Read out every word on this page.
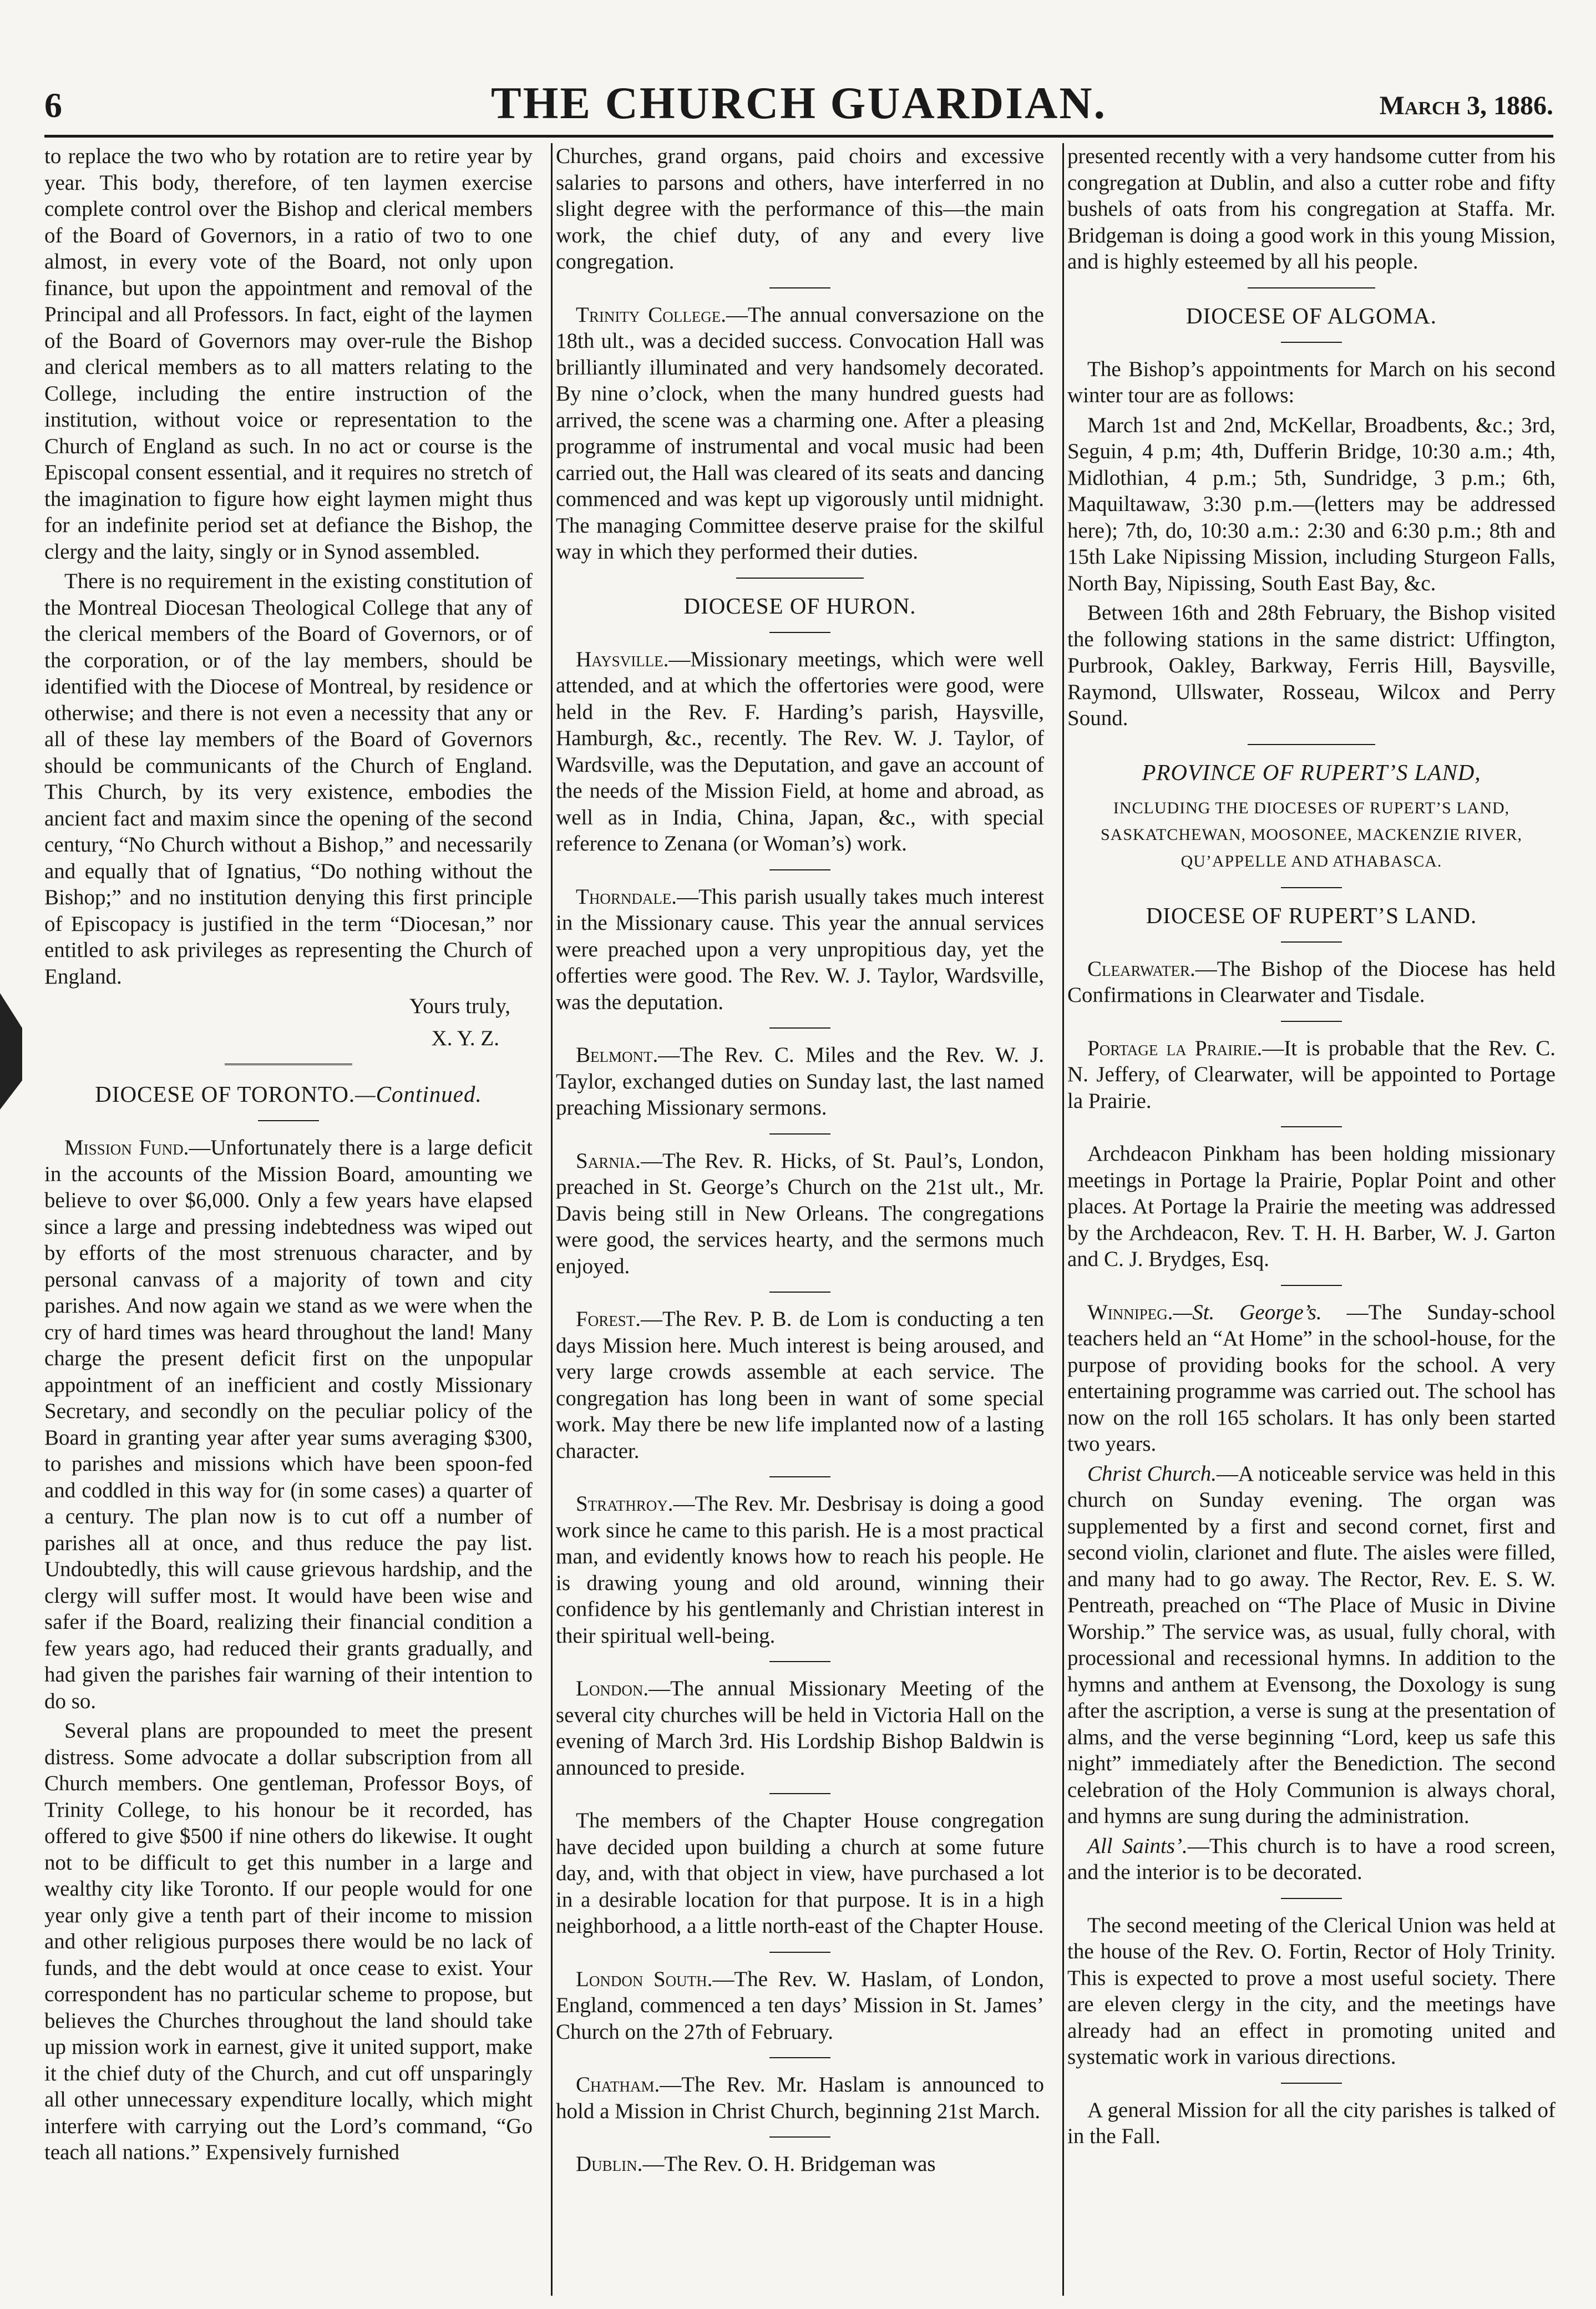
6	THE CHURCH GUARDIAN.	March 3, 1886.

to replace the two who by rotation are to retire year by year. This body, therefore, of ten laymen exercise complete control over the Bishop and clerical members of the Board of Governors, in a ratio of two to one almost, in every vote of the Board, not only upon finance, but upon the appointment and removal of the Principal and all Professors. In fact, eight of the laymen of the Board of Governors may over-rule the Bishop and clerical members as to all matters relating to the College, including the entire instruction of the institution, without voice or representation to the Church of England as such. In no act or course is the Episcopal consent essential, and it requires no stretch of the imagination to figure how eight laymen might thus for an indefinite period set at defiance the Bishop, the clergy and the laity, singly or in Synod assembled.

There is no requirement in the existing constitution of the Montreal Diocesan Theological College that any of the clerical members of the Board of Governors, or of the corporation, or of the lay members, should be identified with the Diocese of Montreal, by residence or otherwise; and there is not even a necessity that any or all of these lay members of the Board of Governors should be communicants of the Church of England. This Church, by its very existence, embodies the ancient fact and maxim since the opening of the second century, “No Church without a Bishop,” and necessarily and equally that of Ignatius, “Do nothing without the Bishop;” and no institution denying this first principle of Episcopacy is justified in the term “Diocesan,” nor entitled to ask privileges as representing the Church of England.

Yours truly,

X. Y. Z.

DIOCESE OF TORONTO.—Continued.

Mission Fund.—Unfortunately there is a large deficit in the accounts of the Mission Board, amounting we believe to over $6,000. Only a few years have elapsed since a large and pressing indebtedness was wiped out by efforts of the most strenuous character, and by personal canvass of a majority of town and city parishes. And now again we stand as we were when the cry of hard times was heard throughout the land! Many charge the present deficit first on the unpopular appointment of an inefficient and costly Missionary Secretary, and secondly on the peculiar policy of the Board in granting year after year sums averaging $300, to parishes and missions which have been spoon-fed and coddled in this way for (in some cases) a quarter of a century. The plan now is to cut off a number of parishes all at once, and thus reduce the pay list. Undoubtedly, this will cause grievous hardship, and the clergy will suffer most. It would have been wise and safer if the Board, realizing their financial condition a few years ago, had reduced their grants gradually, and had given the parishes fair warning of their intention to do so.

Several plans are propounded to meet the present distress. Some advocate a dollar subscription from all Church members. One gentleman, Professor Boys, of Trinity College, to his honour be it recorded, has offered to give $500 if nine others do likewise. It ought not to be difficult to get this number in a large and wealthy city like Toronto. If our people would for one year only give a tenth part of their income to mission and other religious purposes there would be no lack of funds, and the debt would at once cease to exist. Your correspondent has no particular scheme to propose, but believes the Churches throughout the land should take up mission work in earnest, give it united support, make it the chief duty of the Church, and cut off unsparingly all other unnecessary expenditure locally, which might interfere with carrying out the Lord’s command, “Go teach all nations.” Expensively furnished

Churches, grand organs, paid choirs and excessive salaries to parsons and others, have interferred in no slight degree with the performance of this—the main work, the chief duty, of any and every live congregation.

Trinity College.—The annual conversazione on the 18th ult., was a decided success. Convocation Hall was brilliantly illuminated and very handsomely decorated. By nine o’clock, when the many hundred guests had arrived, the scene was a charming one. After a pleasing programme of instrumental and vocal music had been carried out, the Hall was cleared of its seats and dancing commenced and was kept up vigorously until midnight. The managing Committee deserve praise for the skilful way in which they performed their duties.

DIOCESE OF HURON.

Haysville.—Missionary meetings, which were well attended, and at which the offertories were good, were held in the Rev. F. Harding’s parish, Haysville, Hamburgh, &c., recently. The Rev. W. J. Taylor, of Wardsville, was the Deputation, and gave an account of the needs of the Mission Field, at home and abroad, as well as in India, China, Japan, &c., with special reference to Zenana (or Woman’s) work.

Thorndale.—This parish usually takes much interest in the Missionary cause. This year the annual services were preached upon a very unpropitious day, yet the offerties were good. The Rev. W. J. Taylor, Wardsville, was the deputation.

Belmont.—The Rev. C. Miles and the Rev. W. J. Taylor, exchanged duties on Sunday last, the last named preaching Missionary sermons.

Sarnia.—The Rev. R. Hicks, of St. Paul’s, London, preached in St. George’s Church on the 21st ult., Mr. Davis being still in New Orleans. The congregations were good, the services hearty, and the sermons much enjoyed.

Forest.—The Rev. P. B. de Lom is conducting a ten days Mission here. Much interest is being aroused, and very large crowds assemble at each service. The congregation has long been in want of some special work. May there be new life implanted now of a lasting character.

Strathroy.—The Rev. Mr. Desbrisay is doing a good work since he came to this parish. He is a most practical man, and evidently knows how to reach his people. He is drawing young and old around, winning their confidence by his gentlemanly and Christian interest in their spiritual well-being.

London.—The annual Missionary Meeting of the several city churches will be held in Victoria Hall on the evening of March 3rd. His Lordship Bishop Baldwin is announced to preside.

The members of the Chapter House congregation have decided upon building a church at some future day, and, with that object in view, have purchased a lot in a desirable location for that purpose. It is in a high neighborhood, a a little north-east of the Chapter House.

London South.—The Rev. W. Haslam, of London, England, commenced a ten days’ Mission in St. James’ Church on the 27th of February.

Chatham.—The Rev. Mr. Haslam is announced to hold a Mission in Christ Church, beginning 21st March.

Dublin.—The Rev. O. H. Bridgeman was

presented recently with a very handsome cutter from his congregation at Dublin, and also a cutter robe and fifty bushels of oats from his congregation at Staffa. Mr. Bridgeman is doing a good work in this young Mission, and is highly esteemed by all his people.

DIOCESE OF ALGOMA.

The Bishop’s appointments for March on his second winter tour are as follows:

March 1st and 2nd, McKellar, Broadbents, &c.; 3rd, Seguin, 4 p.m; 4th, Dufferin Bridge, 10:30 a.m.; 4th, Midlothian, 4 p.m.; 5th, Sundridge, 3 p.m.; 6th, Maquiltawaw, 3:30 p.m.—(letters may be addressed here); 7th, do, 10:30 a.m.: 2:30 and 6:30 p.m.; 8th and 15th Lake Nipissing Mission, including Sturgeon Falls, North Bay, Nipissing, South East Bay, &c.

Between 16th and 28th February, the Bishop visited the following stations in the same district: Uffington, Purbrook, Oakley, Barkway, Ferris Hill, Baysville, Raymond, Ullswater, Rosseau, Wilcox and Perry Sound.

PROVINCE OF RUPERT’S LAND,
INCLUDING THE DIOCESES OF RUPERT’S LAND,
SASKATCHEWAN, MOOSONEE, MACKENZIE RIVER,
QU’APPELLE AND ATHABASCA.
DIOCESE OF RUPERT’S LAND.

Clearwater.—The Bishop of the Diocese has held Confirmations in Clearwater and Tisdale.

Portage la Prairie.—It is probable that the Rev. C. N. Jeffery, of Clearwater, will be appointed to Portage la Prairie.

Archdeacon Pinkham has been holding missionary meetings in Portage la Prairie, Poplar Point and other places. At Portage la Prairie the meeting was addressed by the Archdeacon, Rev. T. H. H. Barber, W. J. Garton and C. J. Brydges, Esq.

Winnipeg.—St. George’s. —The Sunday-school teachers held an “At Home” in the school-house, for the purpose of providing books for the school. A very entertaining programme was carried out. The school has now on the roll 165 scholars. It has only been started two years.

Christ Church.—A noticeable service was held in this church on Sunday evening. The organ was supplemented by a first and second cornet, first and second violin, clarionet and flute. The aisles were filled, and many had to go away. The Rector, Rev. E. S. W. Pentreath, preached on “The Place of Music in Divine Worship.” The service was, as usual, fully choral, with processional and recessional hymns. In addition to the hymns and anthem at Evensong, the Doxology is sung after the ascription, a verse is sung at the presentation of alms, and the verse beginning “Lord, keep us safe this night” immediately after the Benediction. The second celebration of the Holy Communion is always choral, and hymns are sung during the administration.

All Saints’.—This church is to have a rood screen, and the interior is to be decorated.

The second meeting of the Clerical Union was held at the house of the Rev. O. Fortin, Rector of Holy Trinity. This is expected to prove a most useful society. There are eleven clergy in the city, and the meetings have already had an effect in promoting united and systematic work in various directions.

A general Mission for all the city parishes is talked of in the Fall.
